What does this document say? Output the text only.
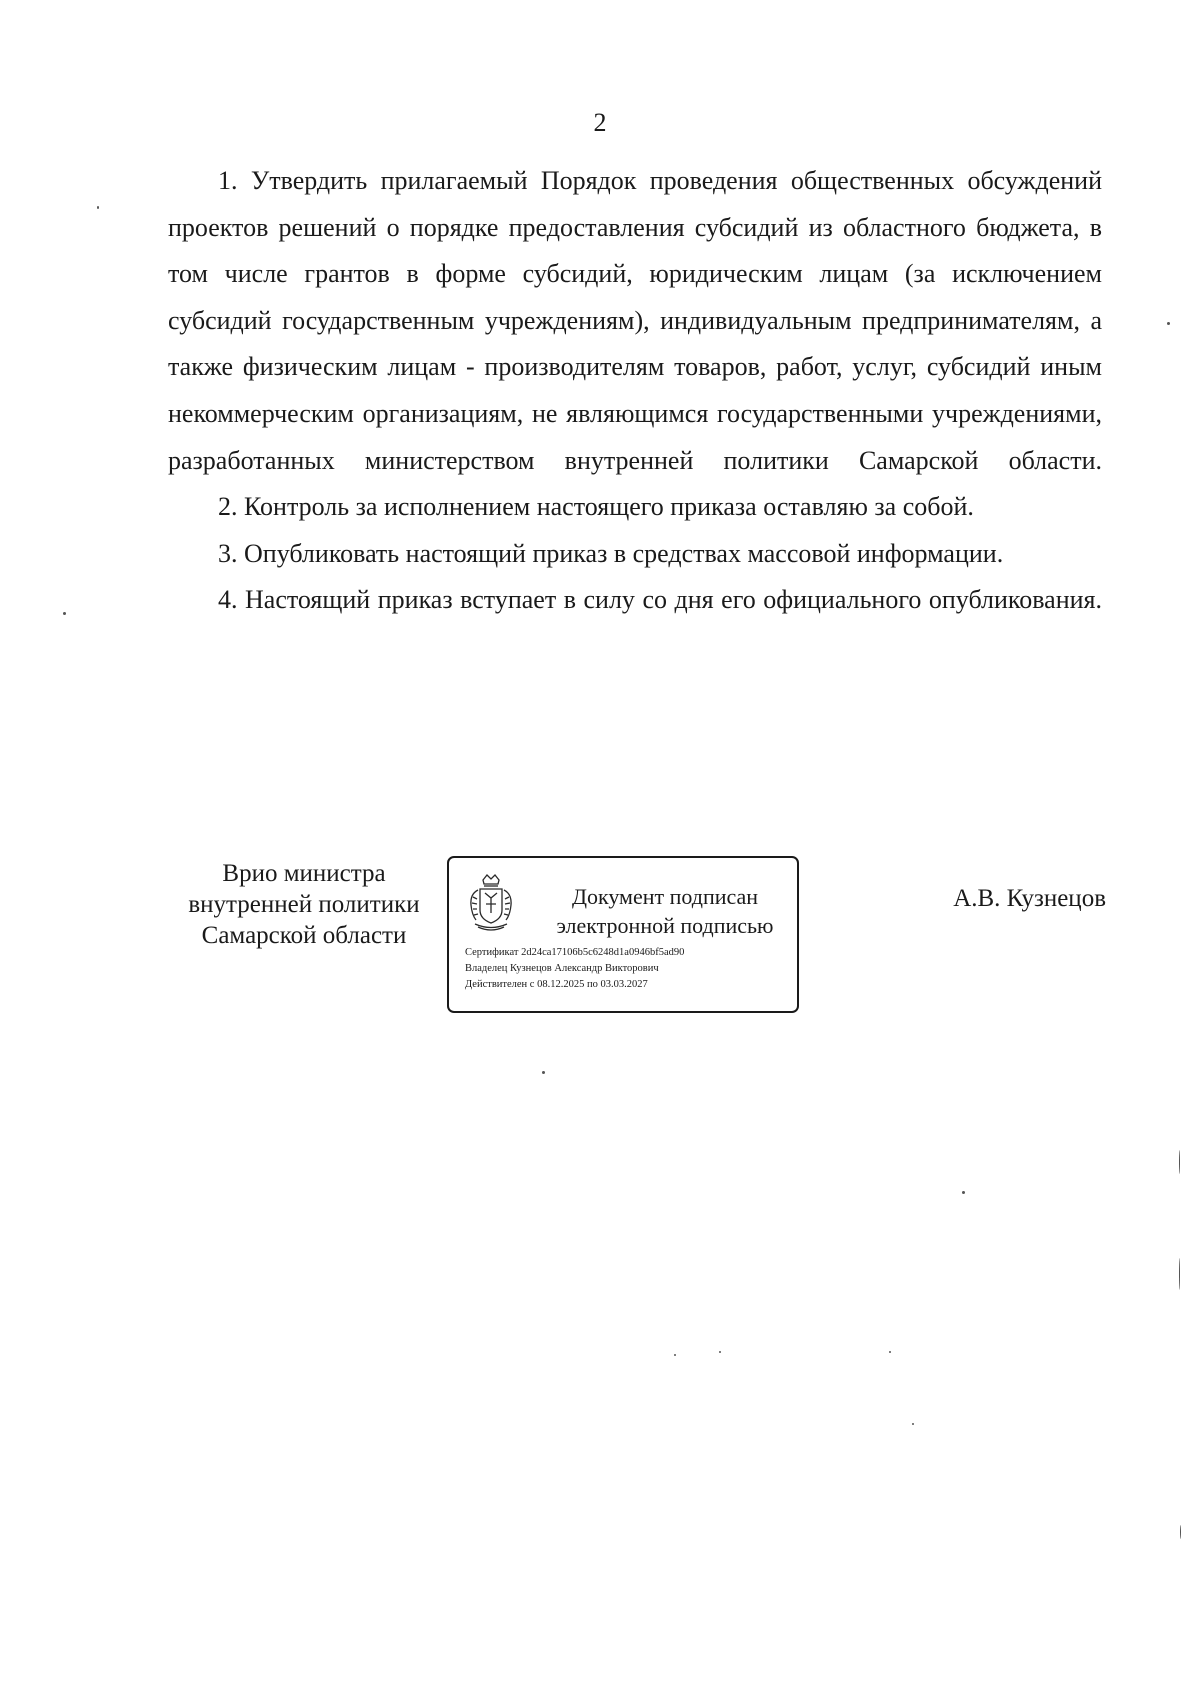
2

1. Утвердить прилагаемый Порядок проведения общественных обсуждений проектов решений о порядке предоставления субсидий из областного бюджета, в том числе грантов в форме субсидий, юридическим лицам (за исключением субсидий государственным учреждениям), индивидуальным предпринимателям, а также физическим лицам - производителям товаров, работ, услуг, субсидий иным некоммерческим организациям, не являющимся государственными учреждениями, разработанных министерством внутренней политики Самарской области.

2. Контроль за исполнением настоящего приказа оставляю за собой.

3. Опубликовать настоящий приказ в средствах массовой информации.

4. Настоящий приказ вступает в силу со дня его официального опубликования.

Врио министра
внутренней политики
Самарской области
Документ подписан
электронной подписью
Сертификат 2d24ca17106b5c6248d1a0946bf5ad90
Владелец Кузнецов Александр Викторович
Действителен с 08.12.2025 по 03.03.2027
А.В. Кузнецов
